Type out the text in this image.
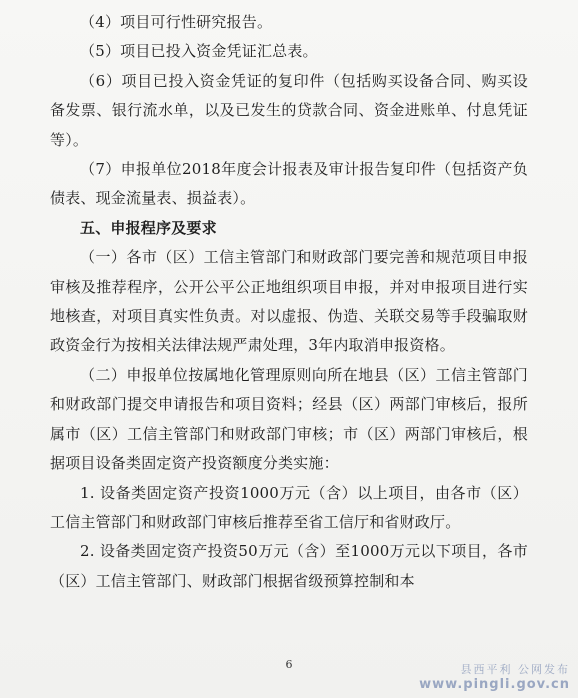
（4）项目可行性研究报告。

（5）项目已投入资金凭证汇总表。

（6）项目已投入资金凭证的复印件（包括购买设备合同、购买设备发票、银行流水单，以及已发生的贷款合同、资金进账单、付息凭证等）。

（7）申报单位2018年度会计报表及审计报告复印件（包括资产负债表、现金流量表、损益表）。

五、申报程序及要求

（一）各市（区）工信主管部门和财政部门要完善和规范项目申报审核及推荐程序，公开公平公正地组织项目申报，并对申报项目进行实地核查，对项目真实性负责。对以虚报、伪造、关联交易等手段骗取财政资金行为按相关法律法规严肃处理，3年内取消申报资格。

（二）申报单位按属地化管理原则向所在地县（区）工信主管部门和财政部门提交申请报告和项目资料；经县（区）两部门审核后，报所属市（区）工信主管部门和财政部门审核；市（区）两部门审核后，根据项目设备类固定资产投资额度分类实施：

1. 设备类固定资产投资1000万元（含）以上项目，由各市（区）工信主管部门和财政部门审核后推荐至省工信厅和省财政厅。

2. 设备类固定资产投资50万元（含）至1000万元以下项目，各市（区）工信主管部门、财政部门根据省级预算控制和本

6	县西平利 公网发布
www.pingli.gov.cn
